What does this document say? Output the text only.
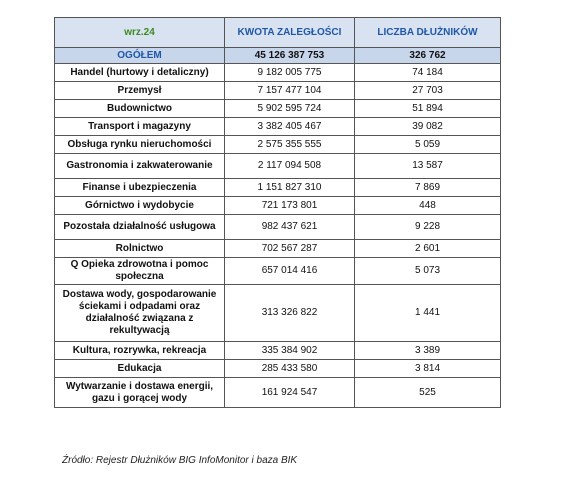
wrz.24	KWOTA ZALEGŁOŚCI	LICZBA DŁUŻNIKÓW
OGÓŁEM	45 126 387 753	326 762
Handel (hurtowy i detaliczny)	9 182 005 775	74 184
Przemysł	7 157 477 104	27 703
Budownictwo	5 902 595 724	51 894
Transport i magazyny	3 382 405 467	39 082
Obsługa rynku nieruchomości	2 575 355 555	5 059
Gastronomia i zakwaterowanie	2 117 094 508	13 587
Finanse i ubezpieczenia	1 151 827 310	7 869
Górnictwo i wydobycie	721 173 801	448
Pozostała działalność usługowa	982 437 621	9 228
Rolnictwo	702 567 287	2 601
Q Opieka zdrowotna i pomoc społeczna	657 014 416	5 073
Dostawa wody, gospodarowanie ściekami i odpadami oraz działalność związana z rekultywacją	313 326 822	1 441
Kultura, rozrywka, rekreacja	335 384 902	3 389
Edukacja	285 433 580	3 814
Wytwarzanie i dostawa energii, gazu i gorącej wody	161 924 547	525
Źródło: Rejestr Dłużników BIG InfoMonitor i baza BIK
